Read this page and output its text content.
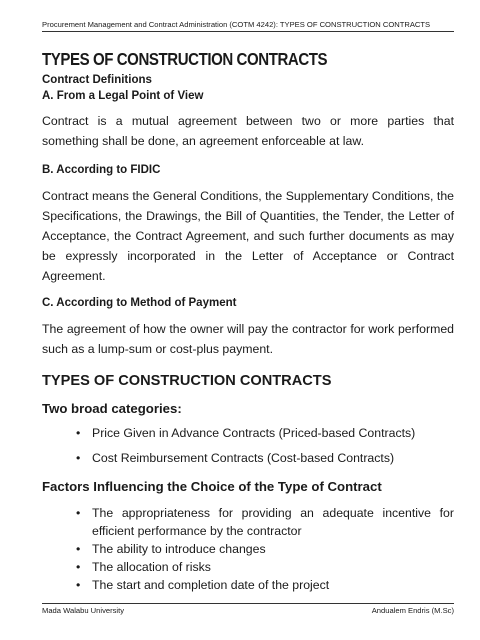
Procurement Management and Contract Administration (COTM 4242): TYPES OF CONSTRUCTION CONTRACTS
TYPES OF CONSTRUCTION CONTRACTS

Contract Definitions

A. From a Legal Point of View

Contract is a mutual agreement between two or more parties that something shall be done, an agreement enforceable at law.

B. According to FIDIC

Contract means the General Conditions, the Supplementary Conditions, the Specifications, the Drawings, the Bill of Quantities, the Tender, the Letter of Acceptance, the Contract Agreement, and such further documents as may be expressly incorporated in the Letter of Acceptance or Contract Agreement.

C. According to Method of Payment

The agreement of how the owner will pay the contractor for work performed such as a lump-sum or cost-plus payment.

TYPES OF CONSTRUCTION CONTRACTS

Two broad categories:

• Price Given in Advance Contracts (Priced-based Contracts)
• Cost Reimbursement Contracts (Cost-based Contracts)

Factors Influencing the Choice of the Type of Contract

• The appropriateness for providing an adequate incentive for efficient performance by the contractor
• The ability to introduce changes
• The allocation of risks
• The start and completion date of the project
Mada Walabu University	Andualem Endris (M.Sc)
